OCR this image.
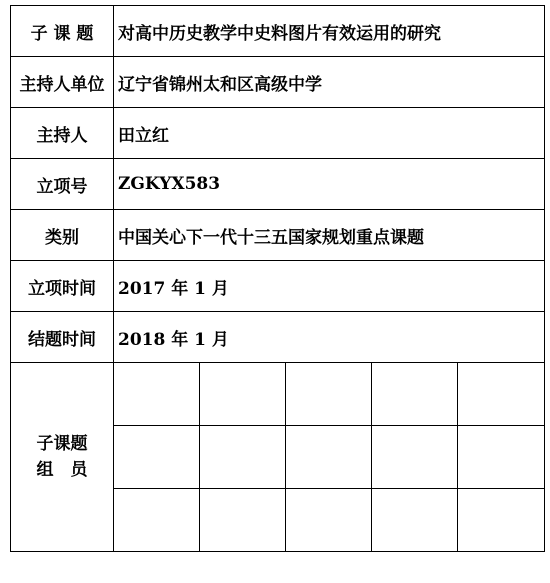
子 课 题	对高中历史教学中史料图片有效运用的研究				
主持人单位	辽宁省锦州太和区高级中学				
主持人	田立红				
立项号	ZGKYX583				
类别	中国关心下一代十三五国家规划重点课题				
立项时间	2017 年 1 月				
结题时间	2018 年 1 月				

子课题
组　员					
